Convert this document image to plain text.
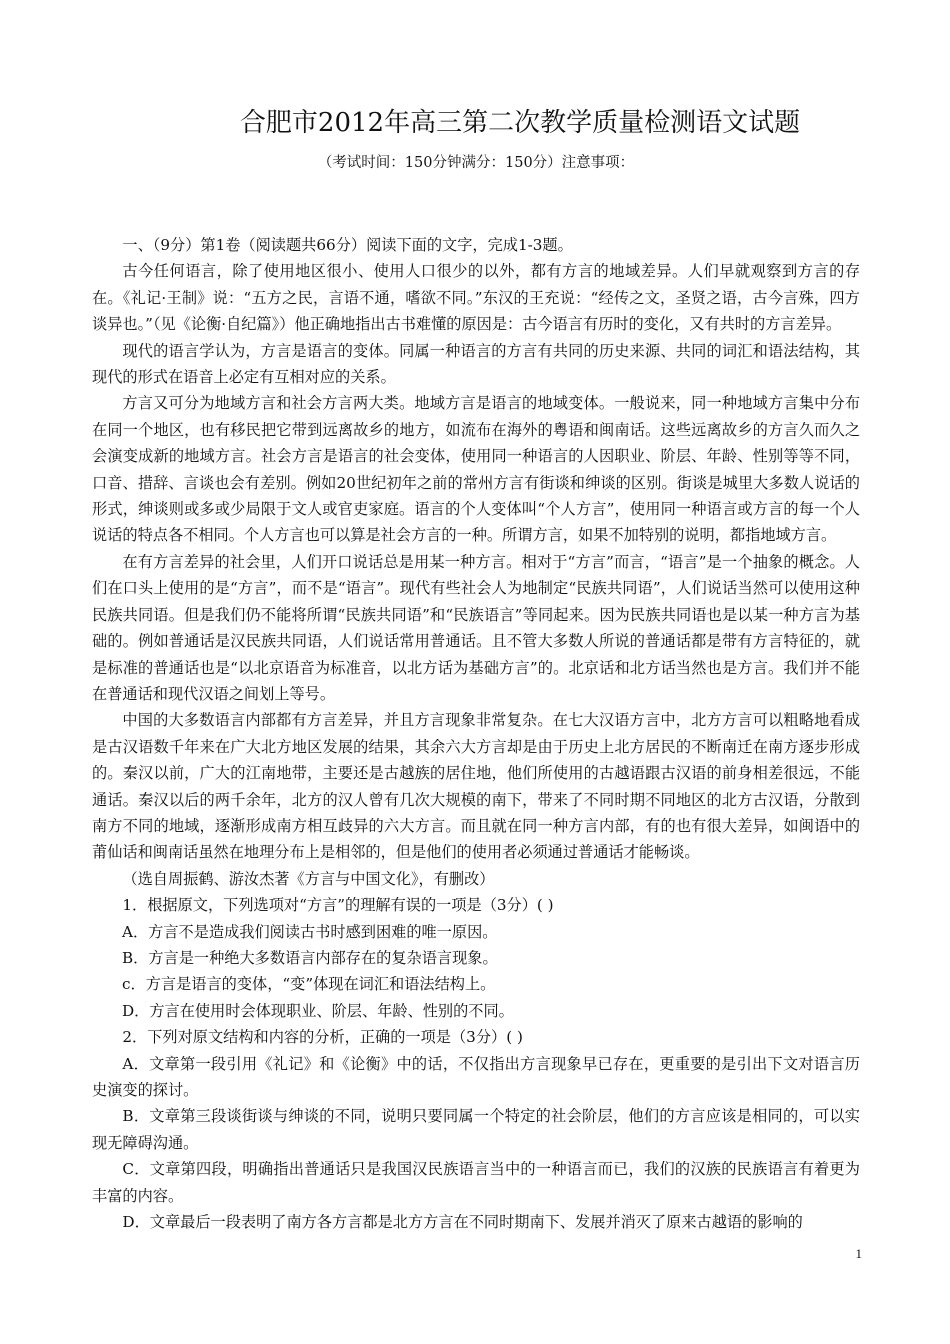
合肥市2012年高三第二次教学质量检测语文试题

（考试时间：150分钟满分：150分）注意事项：

一、（9分）第1卷（阅读题共66分）阅读下面的文字，完成1-3题。

古今任何语言，除了使用地区很小、使用人口很少的以外，都有方言的地域差异。人们早就观察到方言的存在。《礼记·王制》说：“五方之民，言语不通，嗜欲不同。”东汉的王充说：“经传之文，圣贤之语，古今言殊，四方谈异也。”（见《论衡·自纪篇》）他正确地指出古书难懂的原因是：古今语言有历时的变化，又有共时的方言差异。

现代的语言学认为，方言是语言的变体。同属一种语言的方言有共同的历史来源、共同的词汇和语法结构，其现代的形式在语音上必定有互相对应的关系。

方言又可分为地域方言和社会方言两大类。地域方言是语言的地域变体。一般说来，同一种地域方言集中分布在同一个地区，也有移民把它带到远离故乡的地方，如流布在海外的粤语和闽南话。这些远离故乡的方言久而久之会演变成新的地域方言。社会方言是语言的社会变体，使用同一种语言的人因职业、阶层、年龄、性别等等不同，口音、措辞、言谈也会有差别。例如20世纪初年之前的常州方言有街谈和绅谈的区别。街谈是城里大多数人说话的形式，绅谈则或多或少局限于文人或官吏家庭。语言的个人变体叫“个人方言”，使用同一种语言或方言的每一个人说话的特点各不相同。个人方言也可以算是社会方言的一种。所谓方言，如果不加特别的说明，都指地域方言。

在有方言差异的社会里，人们开口说话总是用某一种方言。相对于“方言”而言，“语言”是一个抽象的概念。人们在口头上使用的是“方言”，而不是“语言”。现代有些社会人为地制定“民族共同语”，人们说话当然可以使用这种民族共同语。但是我们仍不能将所谓“民族共同语”和“民族语言”等同起来。因为民族共同语也是以某一种方言为基础的。例如普通话是汉民族共同语，人们说话常用普通话。且不管大多数人所说的普通话都是带有方言特征的，就是标准的普通话也是“以北京语音为标准音，以北方话为基础方言”的。北京话和北方话当然也是方言。我们并不能在普通话和现代汉语之间划上等号。

中国的大多数语言内部都有方言差异，并且方言现象非常复杂。在七大汉语方言中，北方方言可以粗略地看成是古汉语数千年来在广大北方地区发展的结果，其余六大方言却是由于历史上北方居民的不断南迁在南方逐步形成的。秦汉以前，广大的江南地带，主要还是古越族的居住地，他们所使用的古越语跟古汉语的前身相差很远，不能通话。秦汉以后的两千余年，北方的汉人曾有几次大规模的南下，带来了不同时期不同地区的北方古汉语，分散到南方不同的地域，逐渐形成南方相互歧异的六大方言。而且就在同一种方言内部，有的也有很大差异，如闽语中的莆仙话和闽南话虽然在地理分布上是相邻的，但是他们的使用者必须通过普通话才能畅谈。

（选自周振鹤、游汝杰著《方言与中国文化》，有删改）

1．根据原文，下列选项对“方言”的理解有误的一项是（3分）( )

A．方言不是造成我们阅读古书时感到困难的唯一原因。

B．方言是一种绝大多数语言内部存在的复杂语言现象。

c．方言是语言的变体，“变”体现在词汇和语法结构上。

D．方言在使用时会体现职业、阶层、年龄、性别的不同。

2．下列对原文结构和内容的分析，正确的一项是（3分）( )

A．文章第一段引用《礼记》和《论衡》中的话，不仅指出方言现象早已存在，更重要的是引出下文对语言历史演变的探讨。

B．文章第三段谈街谈与绅谈的不同，说明只要同属一个特定的社会阶层，他们的方言应该是相同的，可以实现无障碍沟通。

C．文章第四段，明确指出普通话只是我国汉民族语言当中的一种语言而已，我们的汉族的民族语言有着更为丰富的内容。

D．文章最后一段表明了南方各方言都是北方方言在不同时期南下、发展并消灭了原来古越语的影响的

1
